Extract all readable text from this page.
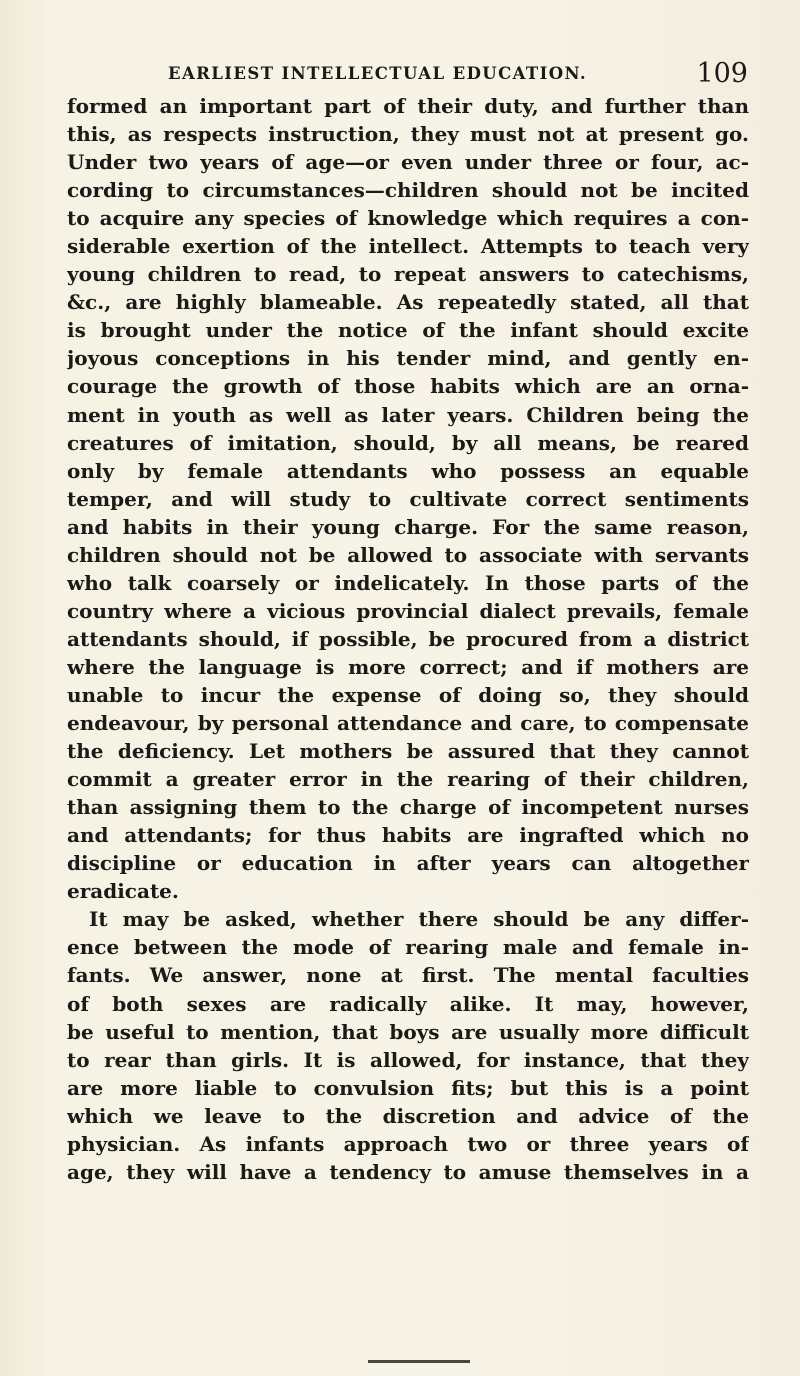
EARLIEST INTELLECTUAL EDUCATION.	109
formed an important part of their duty, and further than
this, as respects instruction, they must not at present go.
Under two years of age—or even under three or four, ac-
cording to circumstances—children should not be incited
to acquire any species of knowledge which requires a con-
siderable exertion of the intellect. Attempts to teach very
young children to read, to repeat answers to catechisms,
&c., are highly blameable. As repeatedly stated, all that
is brought under the notice of the infant should excite
joyous conceptions in his tender mind, and gently en-
courage the growth of those habits which are an orna-
ment in youth as well as later years. Children being the
creatures of imitation, should, by all means, be reared
only by female attendants who possess an equable
temper, and will study to cultivate correct sentiments
and habits in their young charge. For the same reason,
children should not be allowed to associate with servants
who talk coarsely or indelicately. In those parts of the
country where a vicious provincial dialect prevails, female
attendants should, if possible, be procured from a district
where the language is more correct; and if mothers are
unable to incur the expense of doing so, they should
endeavour, by personal attendance and care, to compensate
the deficiency. Let mothers be assured that they cannot
commit a greater error in the rearing of their children,
than assigning them to the charge of incompetent nurses
and attendants; for thus habits are ingrafted which no
discipline or education in after years can altogether
eradicate.
It may be asked, whether there should be any differ-
ence between the mode of rearing male and female in-
fants. We answer, none at first. The mental faculties
of both sexes are radically alike. It may, however,
be useful to mention, that boys are usually more difficult
to rear than girls. It is allowed, for instance, that they
are more liable to convulsion fits; but this is a point
which we leave to the discretion and advice of the
physician. As infants approach two or three years of
age, they will have a tendency to amuse themselves in a
